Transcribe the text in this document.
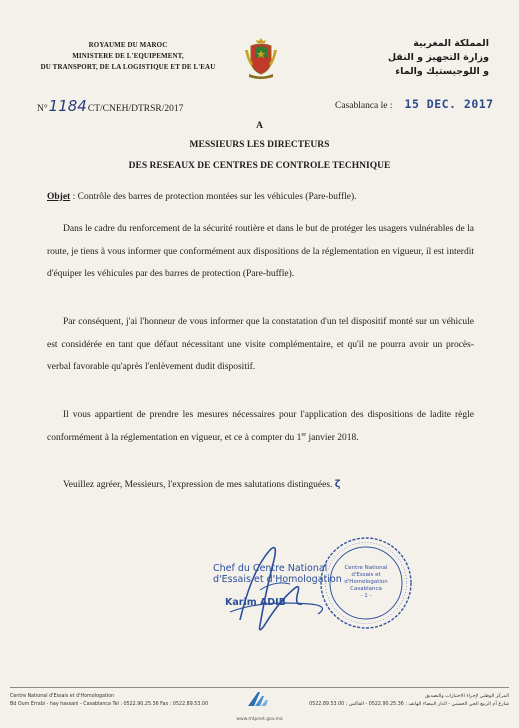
ROYAUME DU MAROC
MINISTERE DE L'EQUIPEMENT,
DU TRANSPORT, DE LA LOGISTIQUE ET DE L'EAU
المملكة المغربية
وزارة التجهيز و النقل
و اللوجيستيك والماء
N° 1184 CT/CNEH/DTRSR/2017	Casablanca le : 15 DEC. 2017
A
MESSIEURS LES DIRECTEURS
DES RESEAUX DE CENTRES DE CONTROLE TECHNIQUE
Objet : Contrôle des barres de protection montées sur les véhicules (Pare-buffle).
Dans le cadre du renforcement de la sécurité routière et dans le but de protéger les usagers vulnérables de la route, je tiens à vous informer que conformément aux dispositions de la réglementation en vigueur, il est interdit d'équiper les véhicules par des barres de protection (Pare-buffle).
Par conséquent, j'ai l'honneur de vous informer que la constatation d'un tel dispositif monté sur un véhicule est considérée en tant que défaut nécessitant une visite complémentaire, et qu'il ne pourra avoir un procès-verbal favorable qu'après l'enlèvement dudit dispositif.
Il vous appartient de prendre les mesures nécessaires pour l'application des dispositions de ladite règle conformément à la réglementation en vigueur, et ce à compter du 1er janvier 2018.
Veuillez agréer, Messieurs, l'expression de mes salutations distinguées. ζ
Chef du Centre National
d'Essais et d'Homologation
Karim ADIB
Centre National
d'Essais et
d'Homologation
Casablanca
- 1 -
Centre National d'Essais et d'Homologation
Bd Oum Errabi - hay hassani - Casablanca Tel : 0522.90.25.36 Fax : 0522.89.53.00
المركز الوطني لإجراء الاختبارات والتصديق
شارع أم الربيع الحي الحسني - الدار البيضاء الهاتف : 0522.90.25.36 - الفاكس : 0522.89.53.00
www.mtpnet.gov.ma
